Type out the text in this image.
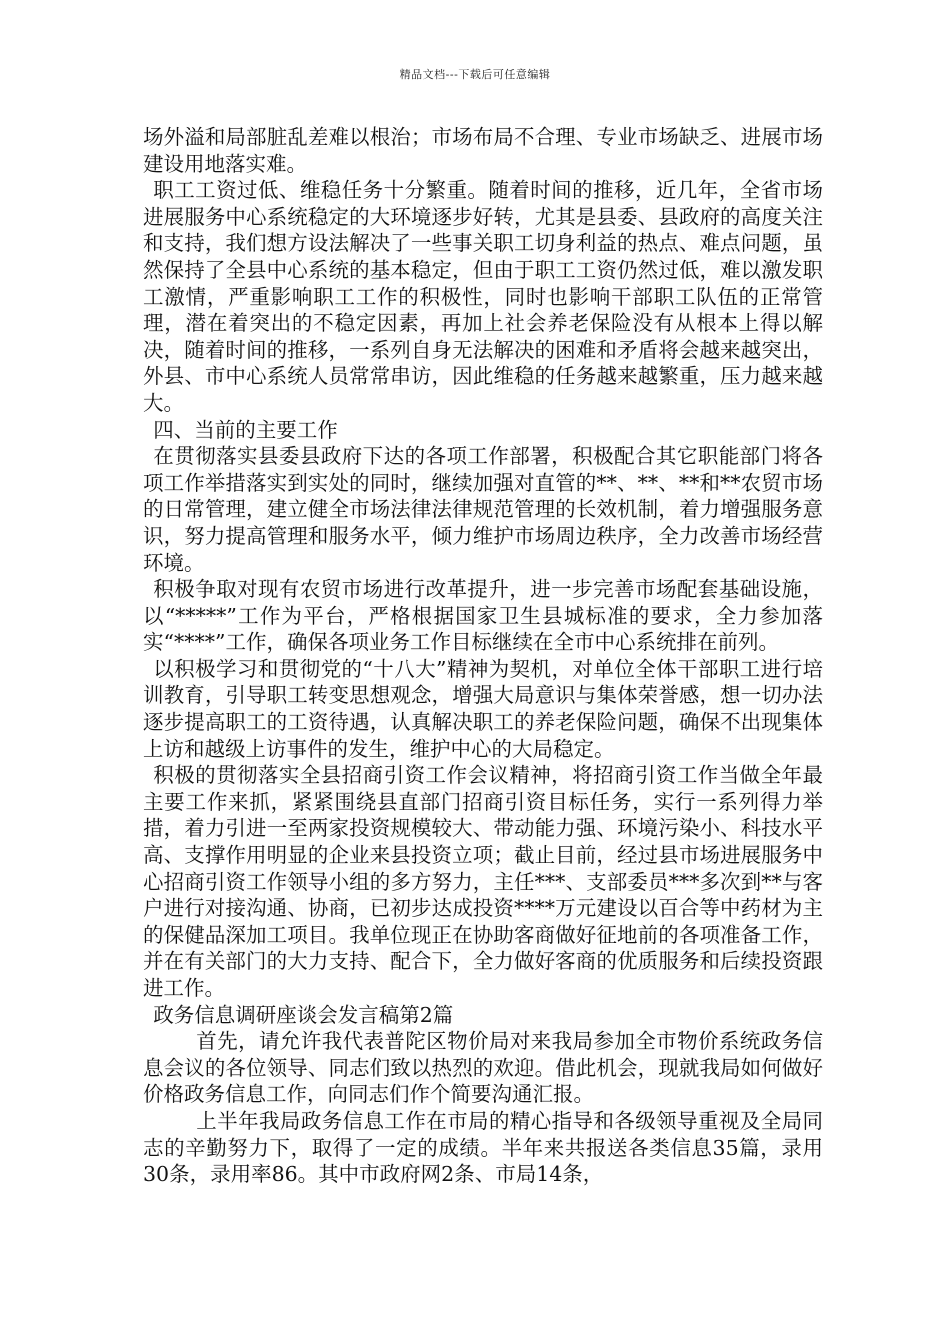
精品文档---下载后可任意编辑

场外溢和局部脏乱差难以根治；市场布局不合理、专业市场缺乏、进展市场建设用地落实难。

职工工资过低、维稳任务十分繁重。随着时间的推移，近几年，全省市场进展服务中心系统稳定的大环境逐步好转，尤其是县委、县政府的高度关注和支持，我们想方设法解决了一些事关职工切身利益的热点、难点问题，虽然保持了全县中心系统的基本稳定，但由于职工工资仍然过低，难以激发职工激情，严重影响职工工作的积极性，同时也影响干部职工队伍的正常管理，潜在着突出的不稳定因素，再加上社会养老保险没有从根本上得以解决，随着时间的推移，一系列自身无法解决的困难和矛盾将会越来越突出，外县、市中心系统人员常常串访，因此维稳的任务越来越繁重，压力越来越大。

四、当前的主要工作

在贯彻落实县委县政府下达的各项工作部署，积极配合其它职能部门将各项工作举措落实到实处的同时，继续加强对直管的**、**、**和**农贸市场的日常管理，建立健全市场法律法律规范管理的长效机制，着力增强服务意识，努力提高管理和服务水平，倾力维护市场周边秩序，全力改善市场经营环境。

积极争取对现有农贸市场进行改革提升，进一步完善市场配套基础设施，以“*****”工作为平台，严格根据国家卫生县城标准的要求，全力参加落实“****”工作，确保各项业务工作目标继续在全市中心系统排在前列。

以积极学习和贯彻党的“十八大”精神为契机，对单位全体干部职工进行培训教育，引导职工转变思想观念，增强大局意识与集体荣誉感，想一切办法逐步提高职工的工资待遇，认真解决职工的养老保险问题，确保不出现集体上访和越级上访事件的发生，维护中心的大局稳定。

积极的贯彻落实全县招商引资工作会议精神，将招商引资工作当做全年最主要工作来抓，紧紧围绕县直部门招商引资目标任务，实行一系列得力举措，着力引进一至两家投资规模较大、带动能力强、环境污染小、科技水平高、支撑作用明显的企业来县投资立项；截止目前，经过县市场进展服务中心招商引资工作领导小组的多方努力，主任***、支部委员***多次到**与客户进行对接沟通、协商，已初步达成投资****万元建设以百合等中药材为主的保健品深加工项目。我单位现正在协助客商做好征地前的各项准备工作，并在有关部门的大力支持、配合下，全力做好客商的优质服务和后续投资跟进工作。

政务信息调研座谈会发言稿第2篇

首先，请允许我代表普陀区物价局对来我局参加全市物价系统政务信息会议的各位领导、同志们致以热烈的欢迎。借此机会，现就我局如何做好价格政务信息工作，向同志们作个简要沟通汇报。

上半年我局政务信息工作在市局的精心指导和各级领导重视及全局同志的辛勤努力下，取得了一定的成绩。半年来共报送各类信息35篇，录用30条，录用率86。其中市政府网2条、市局14条，
